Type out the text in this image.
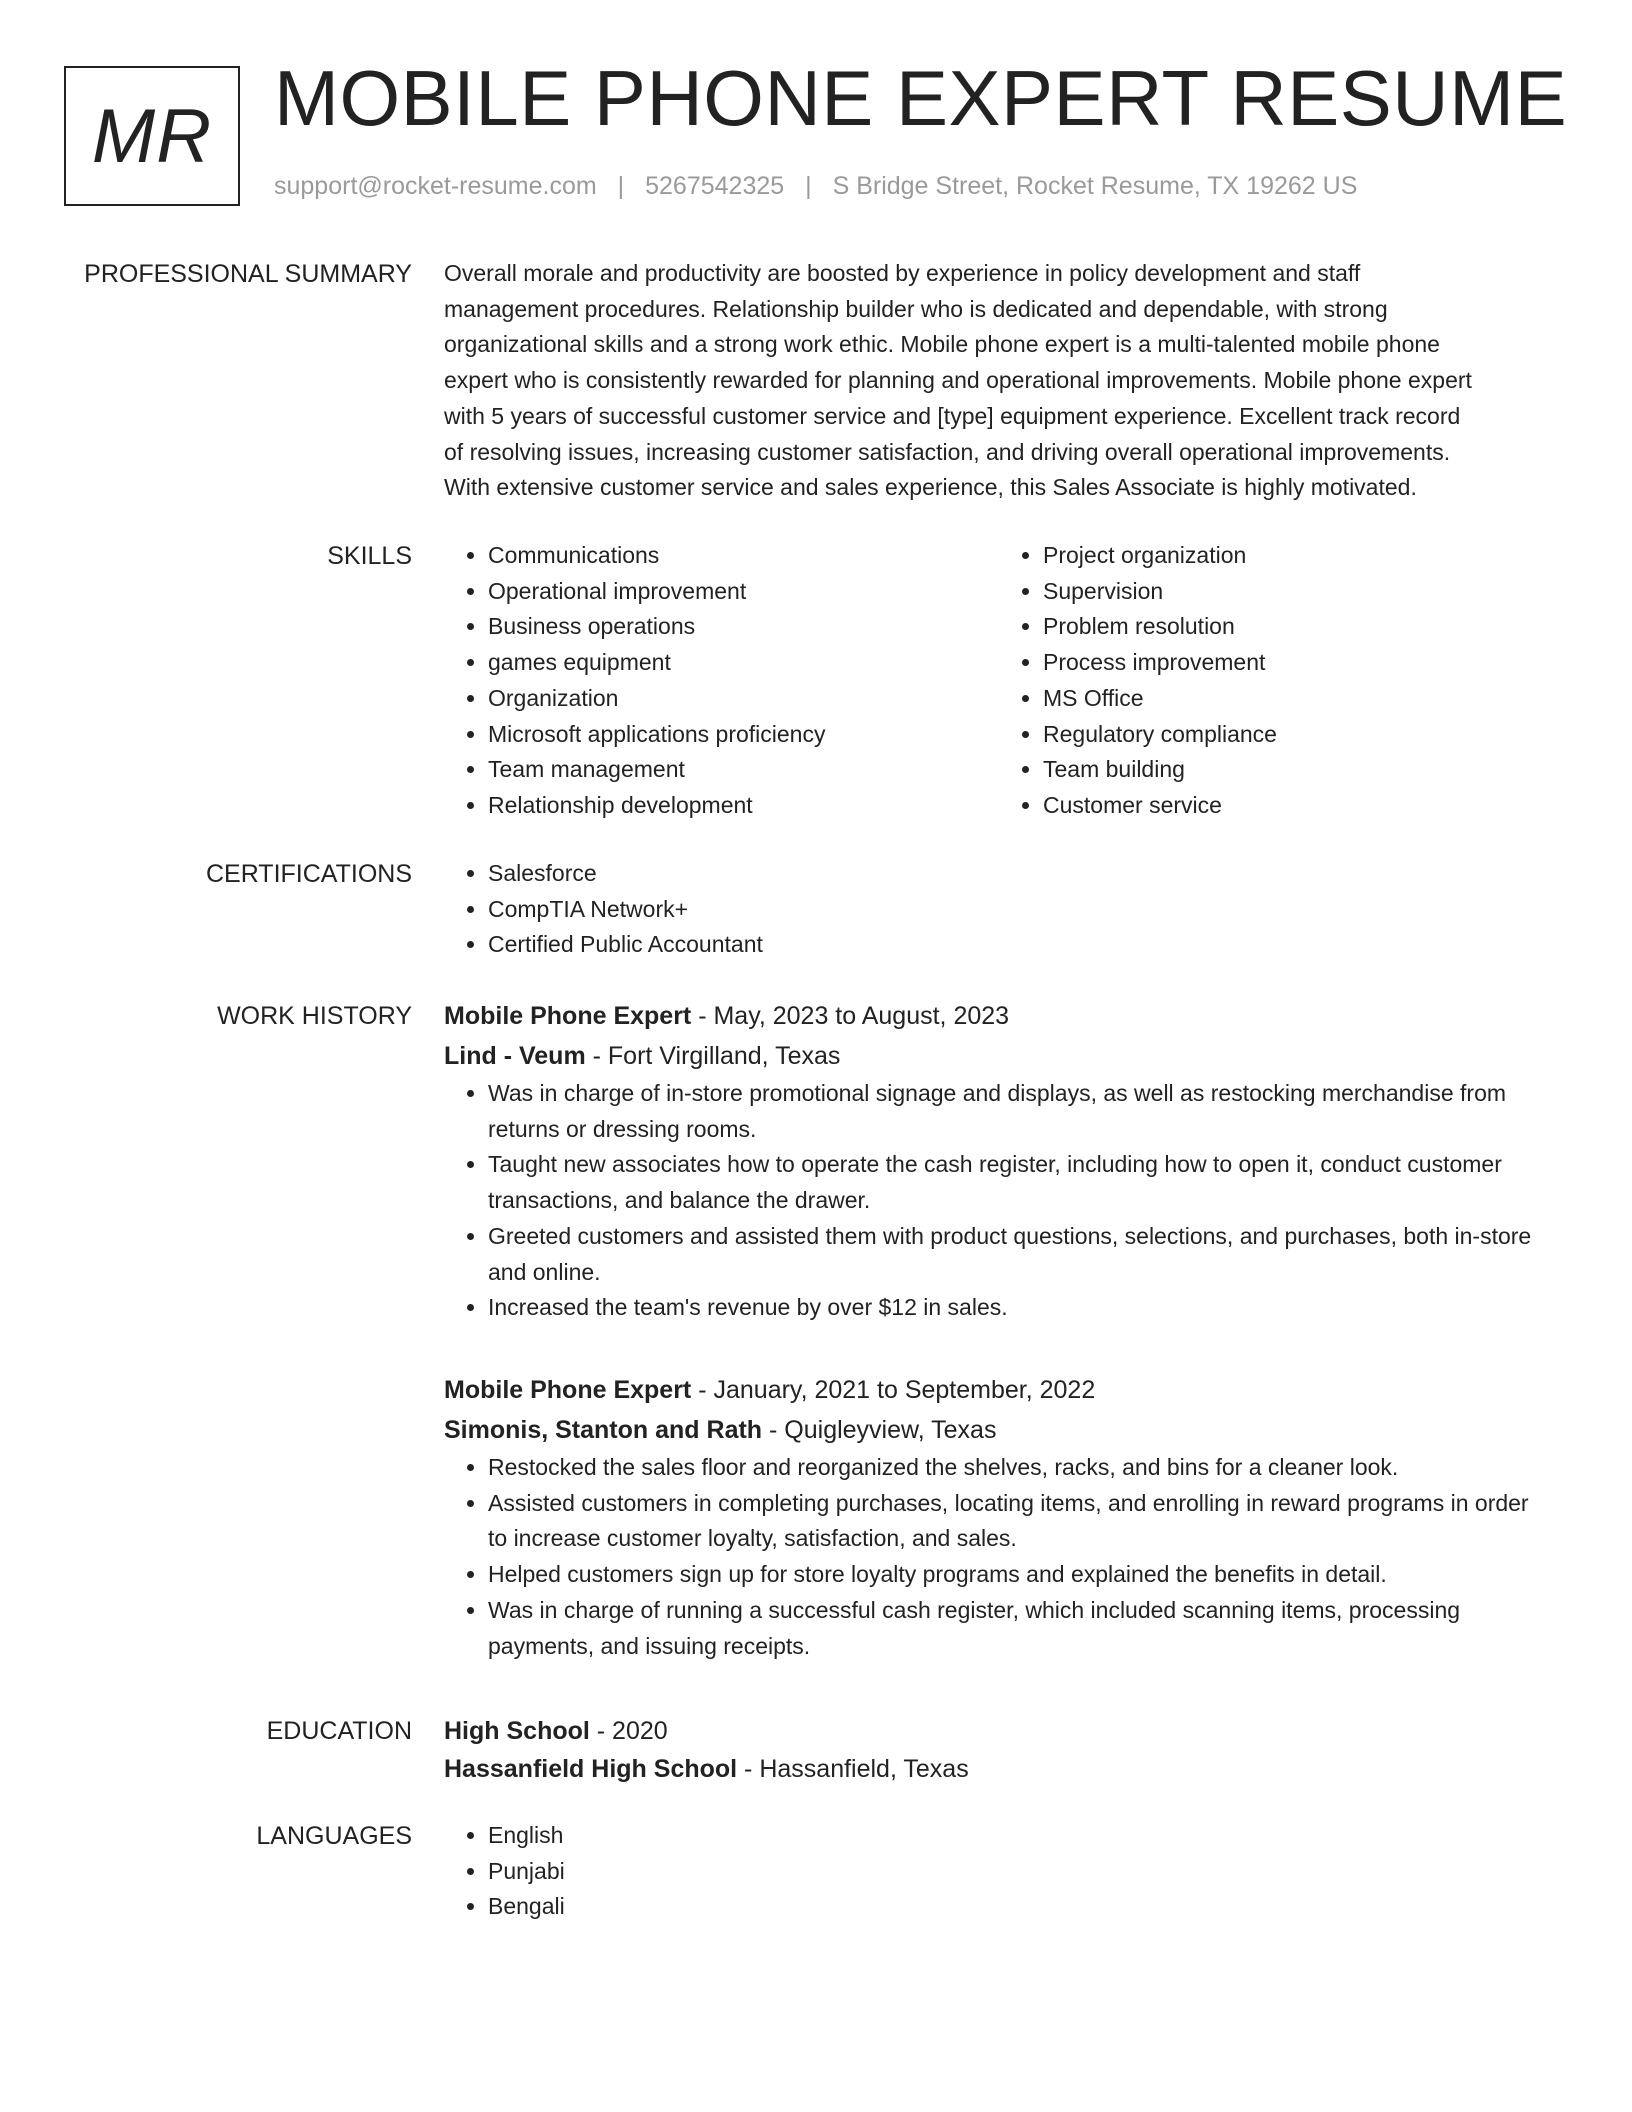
MR MOBILE PHONE EXPERT RESUME
support@rocket-resume.com | 5267542325 | S Bridge Street, Rocket Resume, TX 19262 US
PROFESSIONAL SUMMARY Overall morale and productivity are boosted by experience in policy development and staff
management procedures. Relationship builder who is dedicated and dependable, with strong
organizational skills and a strong work ethic. Mobile phone expert is a multi-talented mobile phone
expert who is consistently rewarded for planning and operational improvements. Mobile phone expert
with 5 years of successful customer service and [type] equipment experience. Excellent track record
of resolving issues, increasing customer satisfaction, and driving overall operational improvements.
With extensive customer service and sales experience, this Sales Associate is highly motivated.
SKILLS	• Communications
• Operational improvement
• Business operations
• games equipment
• Organization
• Microsoft applications proficiency
• Team management
• Relationship development
• Project organization
• Supervision
• Problem resolution
• Process improvement
• MS Office
• Regulatory compliance
• Team building
• Customer service
CERTIFICATIONS	• Salesforce
• CompTIA Network+
• Certified Public Accountant
WORK HISTORY Mobile Phone Expert - May, 2023 to August, 2023
Lind - Veum - Fort Virgilland, Texas
• Was in charge of in-store promotional signage and displays, as well as restocking merchandise from returns or dressing rooms.
• Taught new associates how to operate the cash register, including how to open it, conduct customer transactions, and balance the drawer.
• Greeted customers and assisted them with product questions, selections, and purchases, both in-store and online.
• Increased the team's revenue by over $12 in sales.
Mobile Phone Expert - January, 2021 to September, 2022
Simonis, Stanton and Rath - Quigleyview, Texas
• Restocked the sales floor and reorganized the shelves, racks, and bins for a cleaner look.
• Assisted customers in completing purchases, locating items, and enrolling in reward programs in order to increase customer loyalty, satisfaction, and sales.
• Helped customers sign up for store loyalty programs and explained the benefits in detail.
• Was in charge of running a successful cash register, which included scanning items, processing payments, and issuing receipts.
EDUCATION High School - 2020
Hassanfield High School - Hassanfield, Texas
LANGUAGES	• English
• Punjabi
• Bengali
